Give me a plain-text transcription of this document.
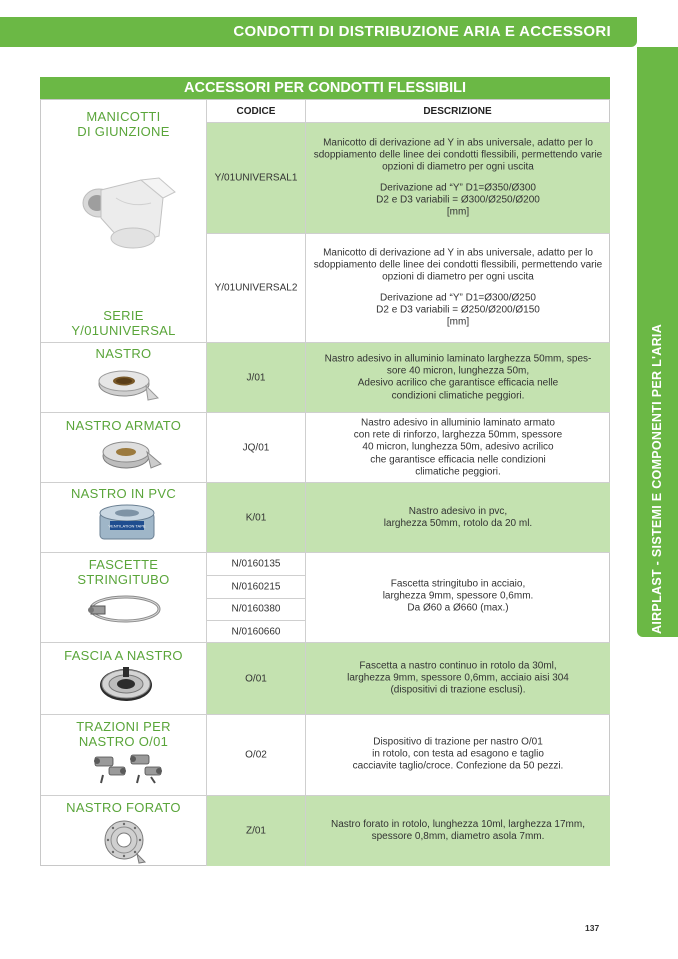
CONDOTTI DI DISTRIBUZIONE ARIA E ACCESSORI
AIRPLAST - SISTEMI E COMPONENTI PER L'ARIA
ACCESSORI PER CONDOTTI FLESSIBILI
CODICE	DESCRIZIONE
MANICOTTI
DI GIUNZIONE
SERIE
Y/01UNIVERSAL
NASTRO
NASTRO ARMATO
NASTRO IN PVC
FASCETTE
STRINGITUBO
FASCIA A NASTRO
TRAZIONI PER
NASTRO O/01
NASTRO FORATO
Y/01UNIVERSAL1
Y/01UNIVERSAL2
J/01
JQ/01
K/01
N/0160135
N/0160215
N/0160380
N/0160660
O/01
O/02
Z/01
Manicotto di derivazione ad Y in abs universale, adatto per lo sdoppiamento delle linee dei condotti flessibili, permettendo varie opzioni di diametro per ogni uscita
Derivazione ad “Y” D1=Ø350/Ø300
D2 e D3 variabili = Ø300/Ø250/Ø200
[mm]
Manicotto di derivazione ad Y in abs universale, adatto per lo sdoppiamento delle linee dei condotti flessibili, permettendo varie opzioni di diametro per ogni uscita
Derivazione ad “Y” D1=Ø300/Ø250
D2 e D3 variabili = Ø250/Ø200/Ø150
[mm]
Nastro adesivo in alluminio laminato larghezza 50mm, spes-
sore 40 micron, lunghezza 50m,
Adesivo acrilico che garantisce efficacia nelle
condizioni climatiche peggiori.
Nastro adesivo in alluminio laminato armato
con rete di rinforzo, larghezza 50mm, spessore
40 micron, lunghezza 50m, adesivo acrilico
che garantisce efficacia nelle condizioni
climatiche peggiori.
Nastro adesivo in pvc,
larghezza 50mm, rotolo da 20 ml.
Fascetta stringitubo in acciaio,
larghezza 9mm, spessore 0,6mm.
Da Ø60 a Ø660 (max.)
Fascetta a nastro continuo in rotolo da 30ml,
larghezza 9mm, spessore 0,6mm, acciaio aisi 304
(dispositivi di trazione esclusi).
Dispositivo di trazione per nastro O/01
in rotolo, con testa ad esagono e taglio
cacciavite taglio/croce. Confezione da 50 pezzi.
Nastro forato in rotolo, lunghezza 10ml, larghezza 17mm,
spessore 0,8mm, diametro asola 7mm.
VENTILATION TAPE
137
